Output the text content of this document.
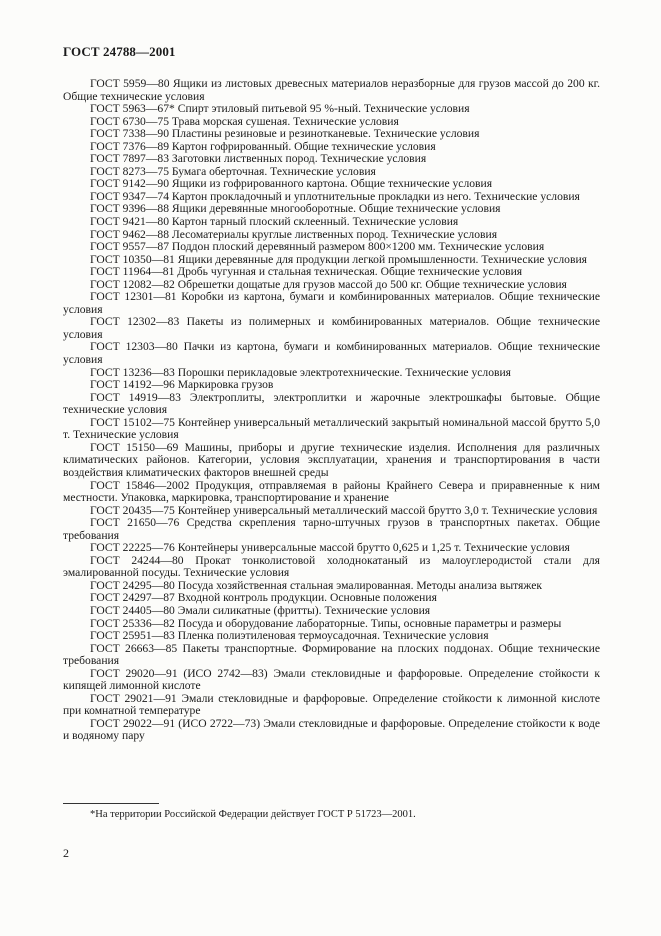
ГОСТ 24788—2001

ГОСТ 5959—80 Ящики из листовых древесных материалов неразборные для грузов массой до 200 кг. Общие технические условия

ГОСТ 5963—67* Спирт этиловый питьевой 95 %-ный. Технические условия

ГОСТ 6730—75 Трава морская сушеная. Технические условия

ГОСТ 7338—90 Пластины резиновые и резинотканевые. Технические условия

ГОСТ 7376—89 Картон гофрированный. Общие технические условия

ГОСТ 7897—83 Заготовки лиственных пород. Технические условия

ГОСТ 8273—75 Бумага оберточная. Технические условия

ГОСТ 9142—90 Ящики из гофрированного картона. Общие технические условия

ГОСТ 9347—74 Картон прокладочный и уплотнительные прокладки из него. Технические условия

ГОСТ 9396—88 Ящики деревянные многооборотные. Общие технические условия

ГОСТ 9421—80 Картон тарный плоский склеенный. Технические условия

ГОСТ 9462—88 Лесоматериалы круглые лиственных пород. Технические условия

ГОСТ 9557—87 Поддон плоский деревянный размером 800×1200 мм. Технические условия

ГОСТ 10350—81 Ящики деревянные для продукции легкой промышленности. Технические условия

ГОСТ 11964—81 Дробь чугунная и стальная техническая. Общие технические условия

ГОСТ 12082—82 Обрешетки дощатые для грузов массой до 500 кг. Общие технические условия

ГОСТ 12301—81 Коробки из картона, бумаги и комбинированных материалов. Общие технические условия

ГОСТ 12302—83 Пакеты из полимерных и комбинированных материалов. Общие технические условия

ГОСТ 12303—80 Пачки из картона, бумаги и комбинированных материалов. Общие технические условия

ГОСТ 13236—83 Порошки перикладовые электротехнические. Технические условия

ГОСТ 14192—96 Маркировка грузов

ГОСТ 14919—83 Электроплиты, электроплитки и жарочные электрошкафы бытовые. Общие технические условия

ГОСТ 15102—75 Контейнер универсальный металлический закрытый номинальной массой брутто 5,0 т. Технические условия

ГОСТ 15150—69 Машины, приборы и другие технические изделия. Исполнения для различных климатических районов. Категории, условия эксплуатации, хранения и транспортирования в части воздействия климатических факторов внешней среды

ГОСТ 15846—2002 Продукция, отправляемая в районы Крайнего Севера и приравненные к ним местности. Упаковка, маркировка, транспортирование и хранение

ГОСТ 20435—75 Контейнер универсальный металлический массой брутто 3,0 т. Технические условия

ГОСТ 21650—76 Средства скрепления тарно-штучных грузов в транспортных пакетах. Общие требования

ГОСТ 22225—76 Контейнеры универсальные массой брутто 0,625 и 1,25 т. Технические условия

ГОСТ 24244—80 Прокат тонколистовой холоднокатаный из малоуглеродистой стали для эмалированной посуды. Технические условия

ГОСТ 24295—80 Посуда хозяйственная стальная эмалированная. Методы анализа вытяжек

ГОСТ 24297—87 Входной контроль продукции. Основные положения

ГОСТ 24405—80 Эмали силикатные (фритты). Технические условия

ГОСТ 25336—82 Посуда и оборудование лабораторные. Типы, основные параметры и размеры

ГОСТ 25951—83 Пленка полиэтиленовая термоусадочная. Технические условия

ГОСТ 26663—85 Пакеты транспортные. Формирование на плоских поддонах. Общие технические требования

ГОСТ 29020—91 (ИСО 2742—83) Эмали стекловидные и фарфоровые. Определение стойкости к кипящей лимонной кислоте

ГОСТ 29021—91 Эмали стекловидные и фарфоровые. Определение стойкости к лимонной кислоте при комнатной температуре

ГОСТ 29022—91 (ИСО 2722—73) Эмали стекловидные и фарфоровые. Определение стойкости к воде и водяному пару

*На территории Российской Федерации действует ГОСТ Р 51723—2001.
2
